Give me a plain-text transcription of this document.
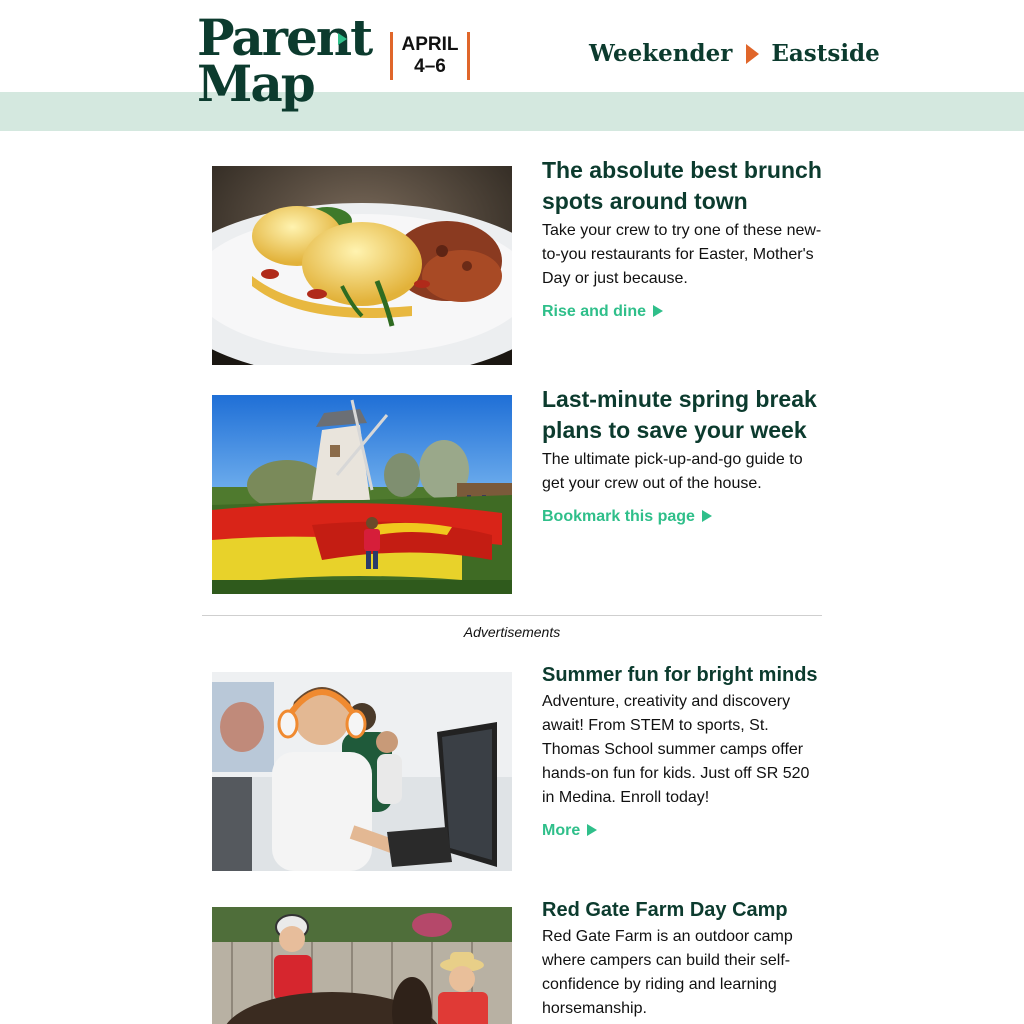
Parent
Map
APRIL
4–6	Weekender Eastside
The absolute best brunch spots around town

Take your crew to try one of these new-to-you restaurants for Easter, Mother's Day or just because.

Rise and dine
Last-minute spring break plans to save your week

The ultimate pick-up-and-go guide to get your crew out of the house.

Bookmark this page
Advertisements
Summer fun for bright minds

Adventure, creativity and discovery await! From STEM to sports, St. Thomas School summer camps offer hands-on fun for kids. Just off SR 520 in Medina. Enroll today!

More
Red Gate Farm Day Camp

Red Gate Farm is an outdoor camp where campers can build their self-confidence by riding and learning horsemanship.
